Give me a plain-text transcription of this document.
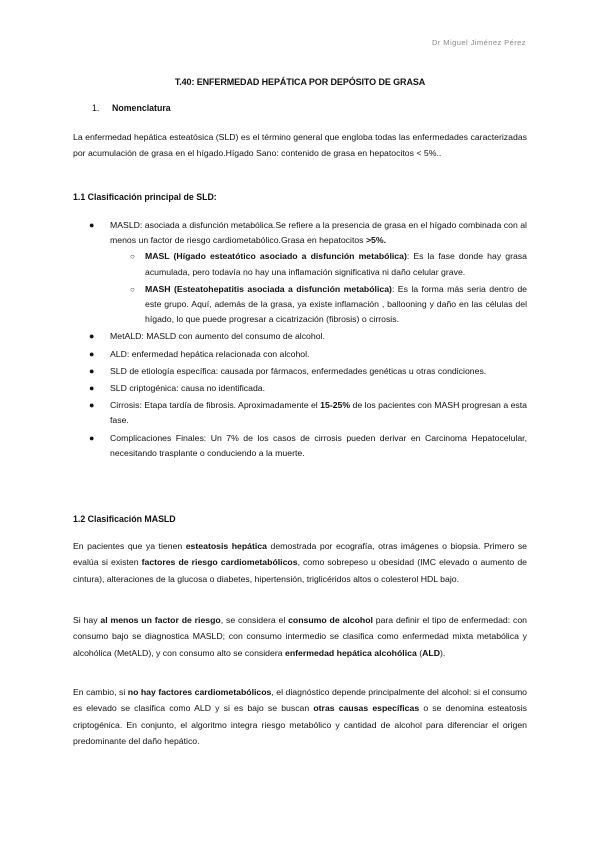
Dr Miguel Jiménez Pérez
T.40: ENFERMEDAD HEPÁTICA POR DEPÓSITO DE GRASA
1. Nomenclatura

La enfermedad hepática esteatósica (SLD) es el término general que engloba todas las enfermedades caracterizadas por acumulación de grasa en el hígado.Hígado Sano: contenido de grasa en hepatocitos < 5%..

1.1 Clasificación principal de SLD:
● MASLD: asociada a disfunción metabólica.Se refiere a la presencia de grasa en el hígado combinada con al menos un factor de riesgo cardiometabólico.Grasa en hepatocitos >5%.
○ MASL (Hígado esteatótico asociado a disfunción metabólica): Es la fase donde hay grasa acumulada, pero todavía no hay una inflamación significativa ni daño celular grave.
○ MASH (Esteatohepatitis asociada a disfunción metabólica): Es la forma más seria dentro de este grupo. Aquí, además de la grasa, ya existe inflamación , ballooning y daño en las células del hígado, lo que puede progresar a cicatrización (fibrosis) o cirrosis.
● MetALD: MASLD con aumento del consumo de alcohol.
● ALD: enfermedad hepática relacionada con alcohol.
● SLD de etiología específica: causada por fármacos, enfermedades genéticas u otras condiciones.
● SLD criptogénica: causa no identificada.
● Cirrosis: Etapa tardía de fibrosis. Aproximadamente el 15-25% de los pacientes con MASH progresan a esta fase.
● Complicaciones Finales: Un 7% de los casos de cirrosis pueden derivar en Carcinoma Hepatocelular, necesitando trasplante o conduciendo a la muerte.
1.2 Clasificación MASLD

En pacientes que ya tienen esteatosis hepática demostrada por ecografía, otras imágenes o biopsia. Primero se evalúa si existen factores de riesgo cardiometabólicos, como sobrepeso u obesidad (IMC elevado o aumento de cintura), alteraciones de la glucosa o diabetes, hipertensión, triglicéridos altos o colesterol HDL bajo.

Si hay al menos un factor de riesgo, se considera el consumo de alcohol para definir el tipo de enfermedad: con consumo bajo se diagnostica MASLD; con consumo intermedio se clasifica como enfermedad mixta metabólica y alcohólica (MetALD), y con consumo alto se considera enfermedad hepática alcohólica (ALD).

En cambio, si no hay factores cardiometabólicos, el diagnóstico depende principalmente del alcohol: si el consumo es elevado se clasifica como ALD y si es bajo se buscan otras causas específicas o se denomina esteatosis criptogénica. En conjunto, el algoritmo integra riesgo metabólico y cantidad de alcohol para diferenciar el origen predominante del daño hepático.
